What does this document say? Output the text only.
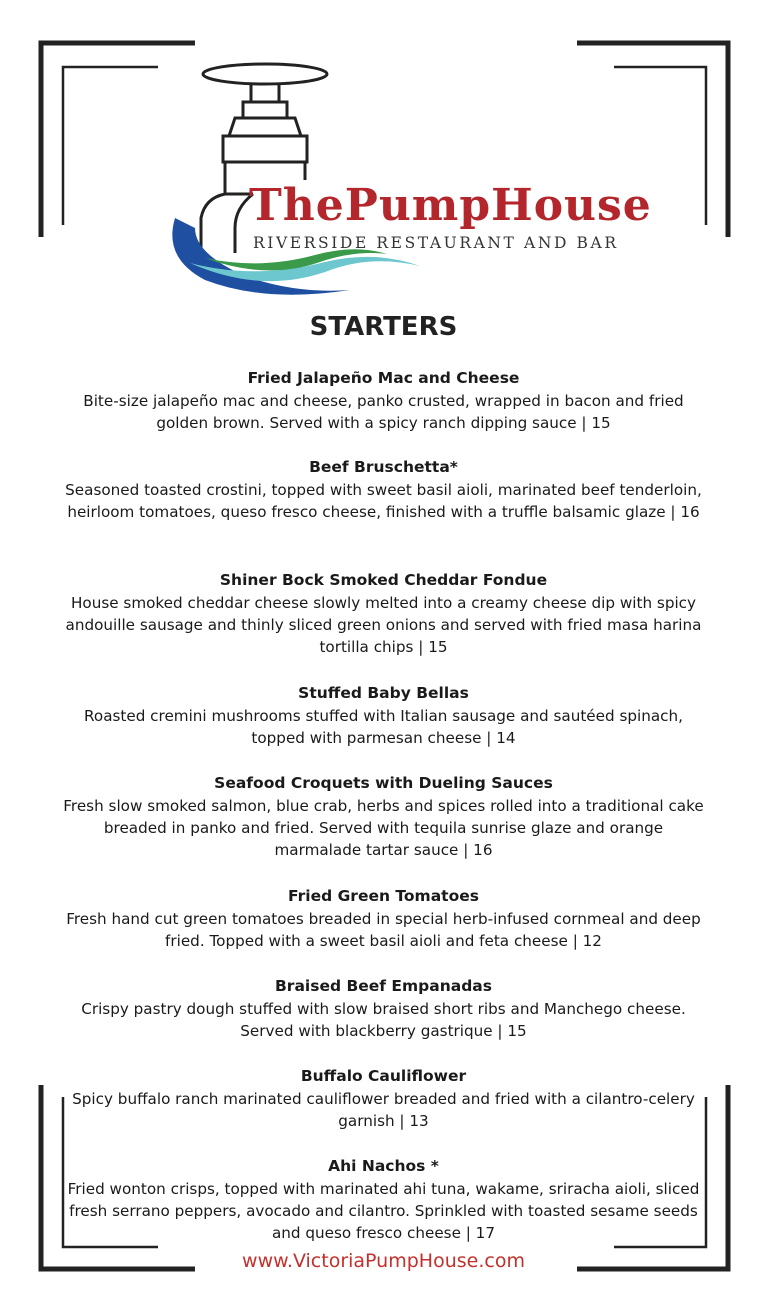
ThePumpHouse
RIVERSIDE RESTAURANT AND BAR
STARTERS
Fried Jalapeño Mac and Cheese
Bite-size jalapeño mac and cheese, panko crusted, wrapped in bacon and fried golden brown. Served with a spicy ranch dipping sauce | 15
Beef Bruschetta*
Seasoned toasted crostini, topped with sweet basil aioli, marinated beef tenderloin, heirloom tomatoes, queso fresco cheese, finished with a truffle balsamic glaze | 16
Shiner Bock Smoked Cheddar Fondue
House smoked cheddar cheese slowly melted into a creamy cheese dip with spicy andouille sausage and thinly sliced green onions and served with fried masa harina tortilla chips | 15
Stuffed Baby Bellas
Roasted cremini mushrooms stuffed with Italian sausage and sautéed spinach, topped with parmesan cheese | 14
Seafood Croquets with Dueling Sauces
Fresh slow smoked salmon, blue crab, herbs and spices rolled into a traditional cake breaded in panko and fried. Served with tequila sunrise glaze and orange marmalade tartar sauce | 16
Fried Green Tomatoes
Fresh hand cut green tomatoes breaded in special herb-infused cornmeal and deep fried. Topped with a sweet basil aioli and feta cheese | 12
Braised Beef Empanadas
Crispy pastry dough stuffed with slow braised short ribs and Manchego cheese. Served with blackberry gastrique | 15
Buffalo Cauliflower
Spicy buffalo ranch marinated cauliflower breaded and fried with a cilantro-celery garnish | 13
Ahi Nachos *
Fried wonton crisps, topped with marinated ahi tuna, wakame, sriracha aioli, sliced fresh serrano peppers, avocado and cilantro. Sprinkled with toasted sesame seeds and queso fresco cheese | 17
www.VictoriaPumpHouse.com
